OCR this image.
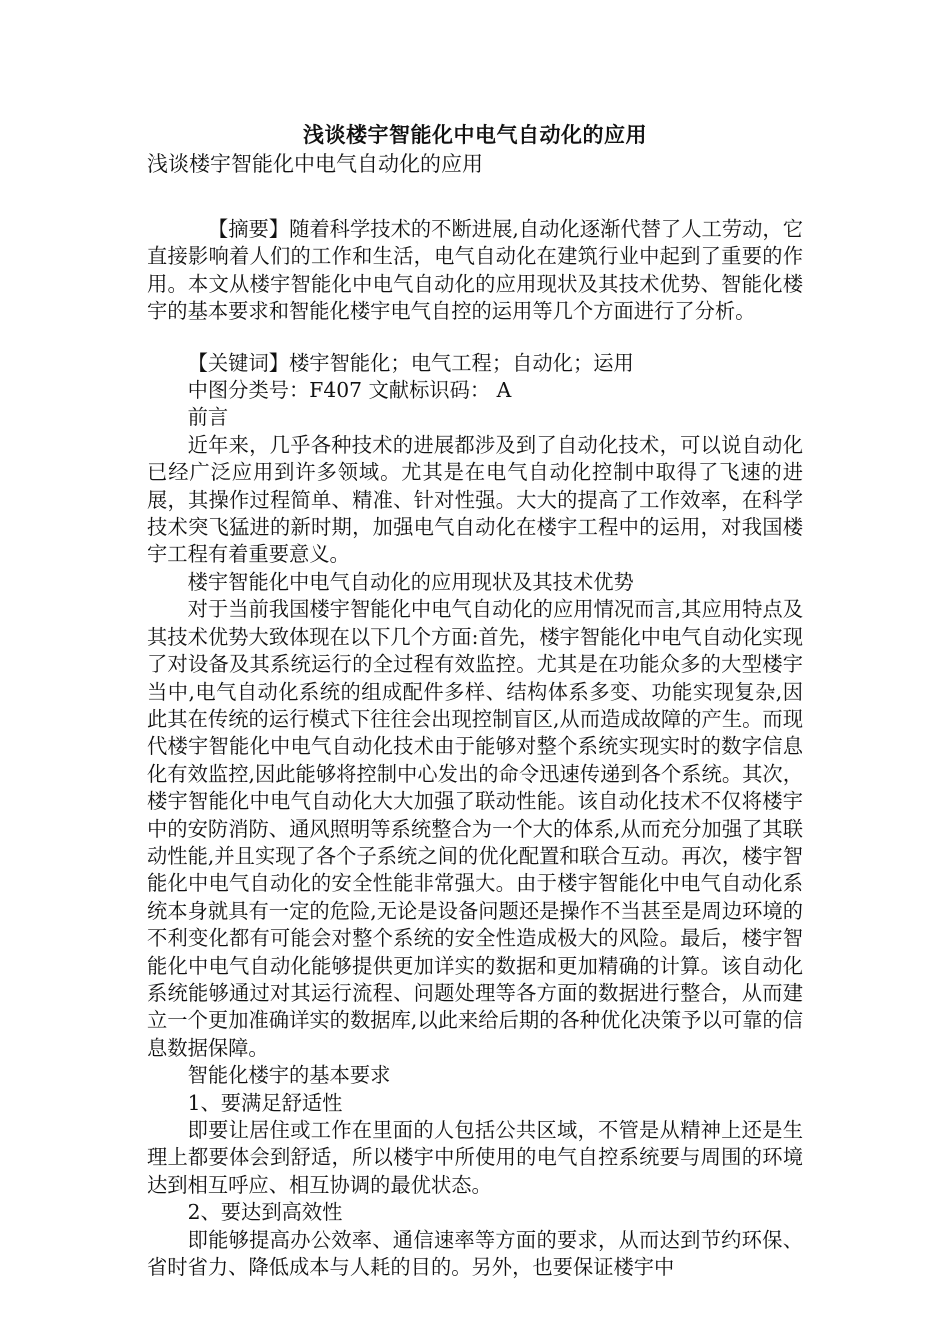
浅谈楼宇智能化中电气自动化的应用

浅谈楼宇智能化中电气自动化的应用

【摘要】随着科学技术的不断进展,自动化逐渐代替了人工劳动，它直接影响着人们的工作和生活，电气自动化在建筑行业中起到了重要的作用。本文从楼宇智能化中电气自动化的应用现状及其技术优势、智能化楼宇的基本要求和智能化楼宇电气自控的运用等几个方面进行了分析。

【关键词】楼宇智能化；电气工程；自动化；运用

中图分类号：F407 文献标识码： A

前言

近年来，几乎各种技术的进展都涉及到了自动化技术，可以说自动化已经广泛应用到许多领域。尤其是在电气自动化控制中取得了飞速的进展，其操作过程简单、精准、针对性强。大大的提高了工作效率，在科学技术突飞猛进的新时期，加强电气自动化在楼宇工程中的运用，对我国楼宇工程有着重要意义。

楼宇智能化中电气自动化的应用现状及其技术优势

对于当前我国楼宇智能化中电气自动化的应用情况而言,其应用特点及其技术优势大致体现在以下几个方面:首先，楼宇智能化中电气自动化实现了对设备及其系统运行的全过程有效监控。尤其是在功能众多的大型楼宇当中,电气自动化系统的组成配件多样、结构体系多变、功能实现复杂,因此其在传统的运行模式下往往会出现控制盲区,从而造成故障的产生。而现代楼宇智能化中电气自动化技术由于能够对整个系统实现实时的数字信息化有效监控,因此能够将控制中心发出的命令迅速传递到各个系统。其次，楼宇智能化中电气自动化大大加强了联动性能。该自动化技术不仅将楼宇中的安防消防、通风照明等系统整合为一个大的体系,从而充分加强了其联动性能,并且实现了各个子系统之间的优化配置和联合互动。再次，楼宇智能化中电气自动化的安全性能非常强大。由于楼宇智能化中电气自动化系统本身就具有一定的危险,无论是设备问题还是操作不当甚至是周边环境的不利变化都有可能会对整个系统的安全性造成极大的风险。最后，楼宇智能化中电气自动化能够提供更加详实的数据和更加精确的计算。该自动化系统能够通过对其运行流程、问题处理等各方面的数据进行整合，从而建立一个更加准确详实的数据库,以此来给后期的各种优化决策予以可靠的信息数据保障。

智能化楼宇的基本要求

1、要满足舒适性

即要让居住或工作在里面的人包括公共区域，不管是从精神上还是生理上都要体会到舒适，所以楼宇中所使用的电气自控系统要与周围的环境达到相互呼应、相互协调的最优状态。

2、要达到高效性

即能够提高办公效率、通信速率等方面的要求，从而达到节约环保、省时省力、降低成本与人耗的目的。另外，也要保证楼宇中
